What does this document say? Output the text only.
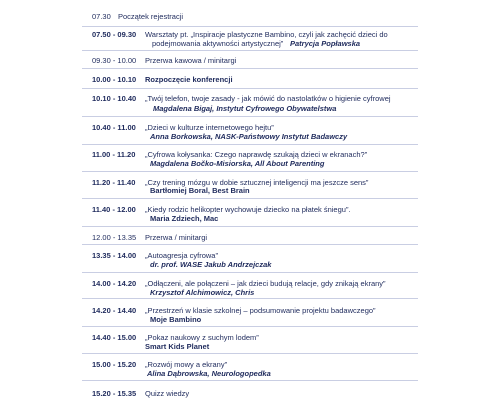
07.30 Początek rejestracji
07.50 - 09.30 Warsztaty pt. „Inspiracje plastyczne Bambino, czyli jak zachęcić dzieci do
podejmowania aktywności artystycznej” Patrycja Popławska
09.30 - 10.00 Przerwa kawowa / minitargi
10.00 - 10.10 Rozpoczęcie konferencji
10.10 - 10.40 „Twój telefon, twoje zasady - jak mówić do nastolatków o higienie cyfrowej
Magdalena Bigaj, Instytut Cyfrowego Obywatelstwa
10.40 - 11.00 „Dzieci w kulturze internetowego hejtu”
Anna Borkowska, NASK-Państwowy Instytut Badawczy
11.00 - 11.20 „Cyfrowa kołysanka: Czego naprawdę szukają dzieci w ekranach?”
Magdalena Bočko-Misiorska, All About Parenting
11.20 - 11.40 „Czy trening mózgu w dobie sztucznej inteligencji ma jeszcze sens”
Bartłomiej Boral, Best Brain
11.40 - 12.00 „Kiedy rodzic helikopter wychowuje dziecko na płatek śniegu”.
Maria Zdziech, Mac
12.00 - 13.35 Przerwa / minitargi
13.35 - 14.00 „Autoagresja cyfrowa”
dr. prof. WASE Jakub Andrzejczak
14.00 - 14.20 „Odłączeni, ale połączeni – jak dzieci budują relacje, gdy znikają ekrany”
Krzysztof Alchimowicz, Chris
14.20 - 14.40 „Przestrzeń w klasie szkolnej – podsumowanie projektu badawczego”
Moje Bambino
14.40 - 15.00 „Pokaz naukowy z suchym lodem”
Smart Kids Planet
15.00 - 15.20 „Rozwój mowy a ekrany”
Alina Dąbrowska, Neurologopedka
15.20 - 15.35 Quizz wiedzy
